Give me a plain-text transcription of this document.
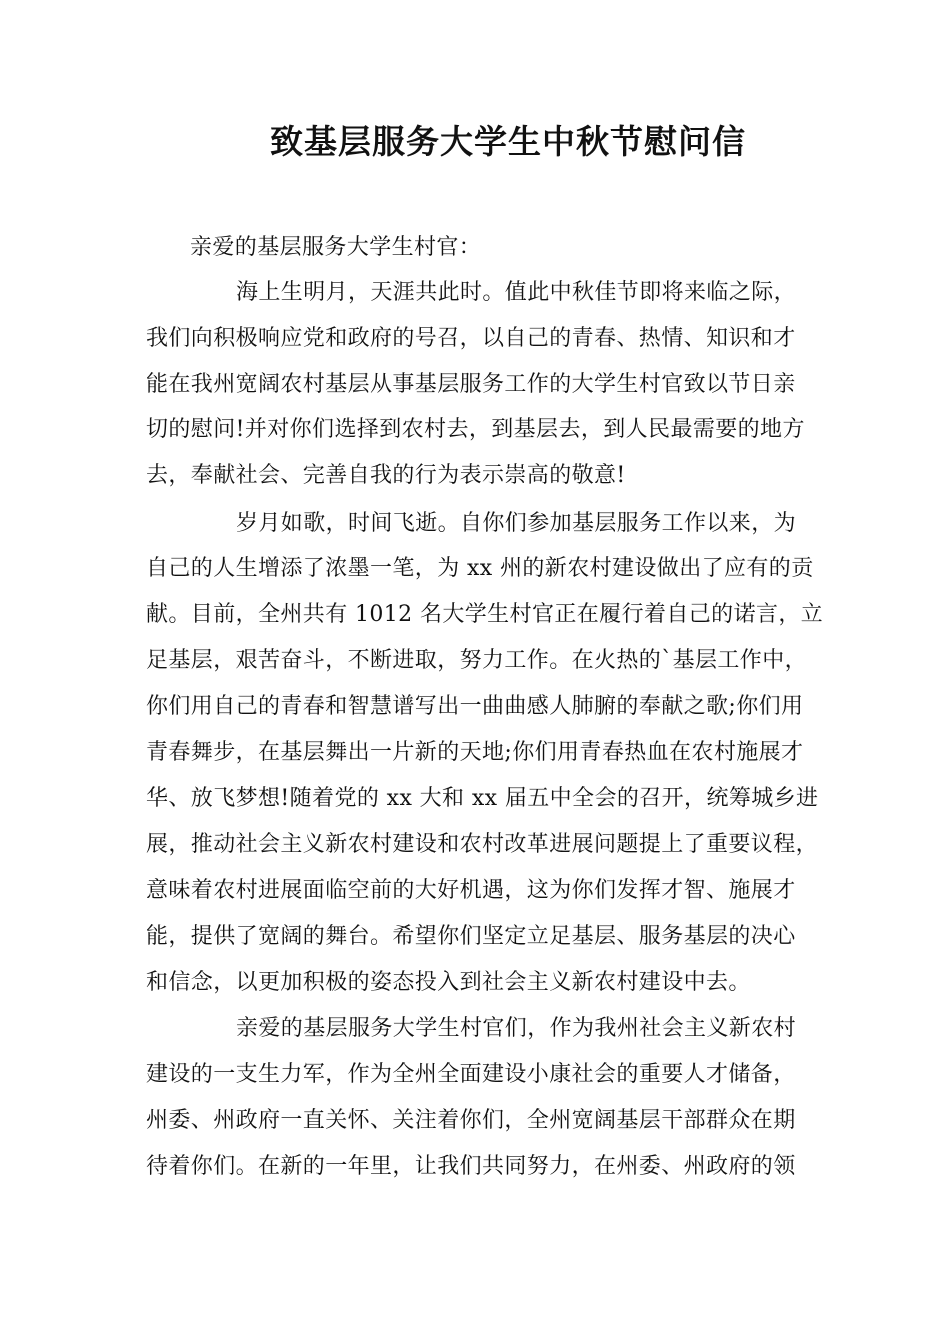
致基层服务大学生中秋节慰问信

亲爱的基层服务大学生村官：

海上生明月，天涯共此时。值此中秋佳节即将来临之际，

我们向积极响应党和政府的号召，以自己的青春、热情、知识和才

能在我州宽阔农村基层从事基层服务工作的大学生村官致以节日亲

切的慰问!并对你们选择到农村去，到基层去，到人民最需要的地方

去，奉献社会、完善自我的行为表示崇高的敬意!

岁月如歌，时间飞逝。自你们参加基层服务工作以来，为

自己的人生增添了浓墨一笔，为 xx 州的新农村建设做出了应有的贡

献。目前，全州共有 1012 名大学生村官正在履行着自己的诺言，立

足基层，艰苦奋斗，不断进取，努力工作。在火热的`基层工作中，

你们用自己的青春和智慧谱写出一曲曲感人肺腑的奉献之歌;你们用

青春舞步，在基层舞出一片新的天地;你们用青春热血在农村施展才

华、放飞梦想!随着党的 xx 大和 xx 届五中全会的召开，统筹城乡进

展，推动社会主义新农村建设和农村改革进展问题提上了重要议程，

意味着农村进展面临空前的大好机遇，这为你们发挥才智、施展才

能，提供了宽阔的舞台。希望你们坚定立足基层、服务基层的决心

和信念，以更加积极的姿态投入到社会主义新农村建设中去。

亲爱的基层服务大学生村官们，作为我州社会主义新农村

建设的一支生力军，作为全州全面建设小康社会的重要人才储备，

州委、州政府一直关怀、关注着你们，全州宽阔基层干部群众在期

待着你们。在新的一年里，让我们共同努力，在州委、州政府的领
